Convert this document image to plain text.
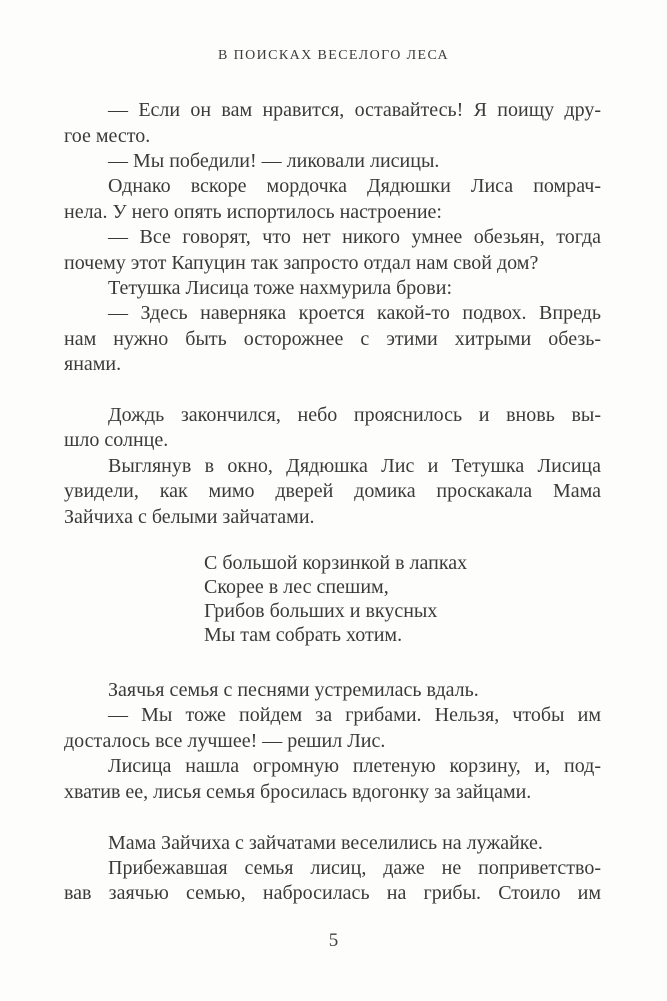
В ПОИСКАХ ВЕСЕЛОГО ЛЕСА
— Если он вам нравится, оставайтесь! Я поищу дру-
гое место.
— Мы победили! — ликовали лисицы.
Однако вскоре мордочка Дядюшки Лиса помрач-
нела. У него опять испортилось настроение:
— Все говорят, что нет никого умнее обезьян, тогда
почему этот Капуцин так запросто отдал нам свой дом?
Тетушка Лисица тоже нахмурила брови:
— Здесь наверняка кроется какой-то подвох. Впредь
нам нужно быть осторожнее с этими хитрыми обезь-
янами.
Дождь закончился, небо прояснилось и вновь вы-
шло солнце.
Выглянув в окно, Дядюшка Лис и Тетушка Лисица
увидели, как мимо дверей домика проскакала Мама
Зайчиха с белыми зайчатами.
С большой корзинкой в лапках
Скорее в лес спешим,
Грибов больших и вкусных
Мы там собрать хотим.
Заячья семья с песнями устремилась вдаль.
— Мы тоже пойдем за грибами. Нельзя, чтобы им
досталось все лучшее! — решил Лис.
Лисица нашла огромную плетеную корзину, и, под-
хватив ее, лисья семья бросилась вдогонку за зайцами.
Мама Зайчиха с зайчатами веселились на лужайке.
Прибежавшая семья лисиц, даже не поприветство-
вав заячью семью, набросилась на грибы. Стоило им
5
